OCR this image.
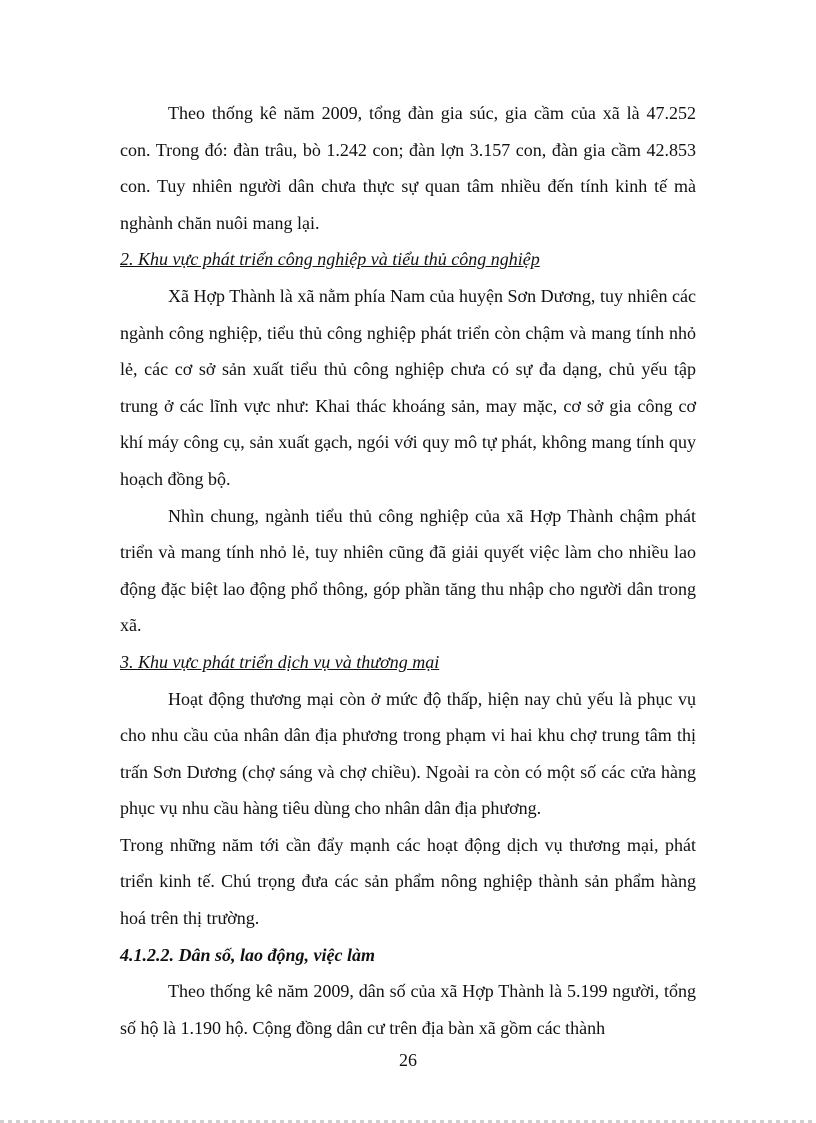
Theo thống kê năm 2009, tổng đàn gia súc, gia cầm của xã là 47.252 con. Trong đó: đàn trâu, bò 1.242 con; đàn lợn 3.157 con, đàn gia cầm 42.853 con. Tuy nhiên người dân chưa thực sự quan tâm nhiều đến tính kinh tế mà nghành chăn nuôi mang lại.

2. Khu vực phát triển công nghiệp và tiểu thủ công nghiệp

Xã Hợp Thành là xã nằm phía Nam của huyện Sơn Dương, tuy nhiên các ngành công nghiệp, tiểu thủ công nghiệp phát triển còn chậm và mang tính nhỏ lẻ, các cơ sở sản xuất tiểu thủ công nghiệp chưa có sự đa dạng, chủ yếu tập trung ở các lĩnh vực như: Khai thác khoáng sản, may mặc, cơ sở gia công cơ khí máy công cụ, sản xuất gạch, ngói với quy mô tự phát, không mang tính quy hoạch đồng bộ.

Nhìn chung, ngành tiểu thủ công nghiệp của xã Hợp Thành chậm phát triển và mang tính nhỏ lẻ, tuy nhiên cũng đã giải quyết việc làm cho nhiều lao động đặc biệt lao động phổ thông, góp phần tăng thu nhập cho người dân trong xã.

3. Khu vực phát triển dịch vụ và thương mại

Hoạt động thương mại còn ở mức độ thấp, hiện nay chủ yếu là phục vụ cho nhu cầu của nhân dân địa phương trong phạm vi hai khu chợ trung tâm thị trấn Sơn Dương (chợ sáng và chợ chiều). Ngoài ra còn có một số các cửa hàng phục vụ nhu cầu hàng tiêu dùng cho nhân dân địa phương.

Trong những năm tới cần đẩy mạnh các hoạt động dịch vụ thương mại, phát triển kinh tế. Chú trọng đưa các sản phẩm nông nghiệp thành sản phẩm hàng hoá trên thị trường.

4.1.2.2. Dân số, lao động, việc làm

Theo thống kê năm 2009, dân số của xã Hợp Thành là 5.199 người, tổng số hộ là 1.190 hộ. Cộng đồng dân cư trên địa bàn xã gồm các thành

26
